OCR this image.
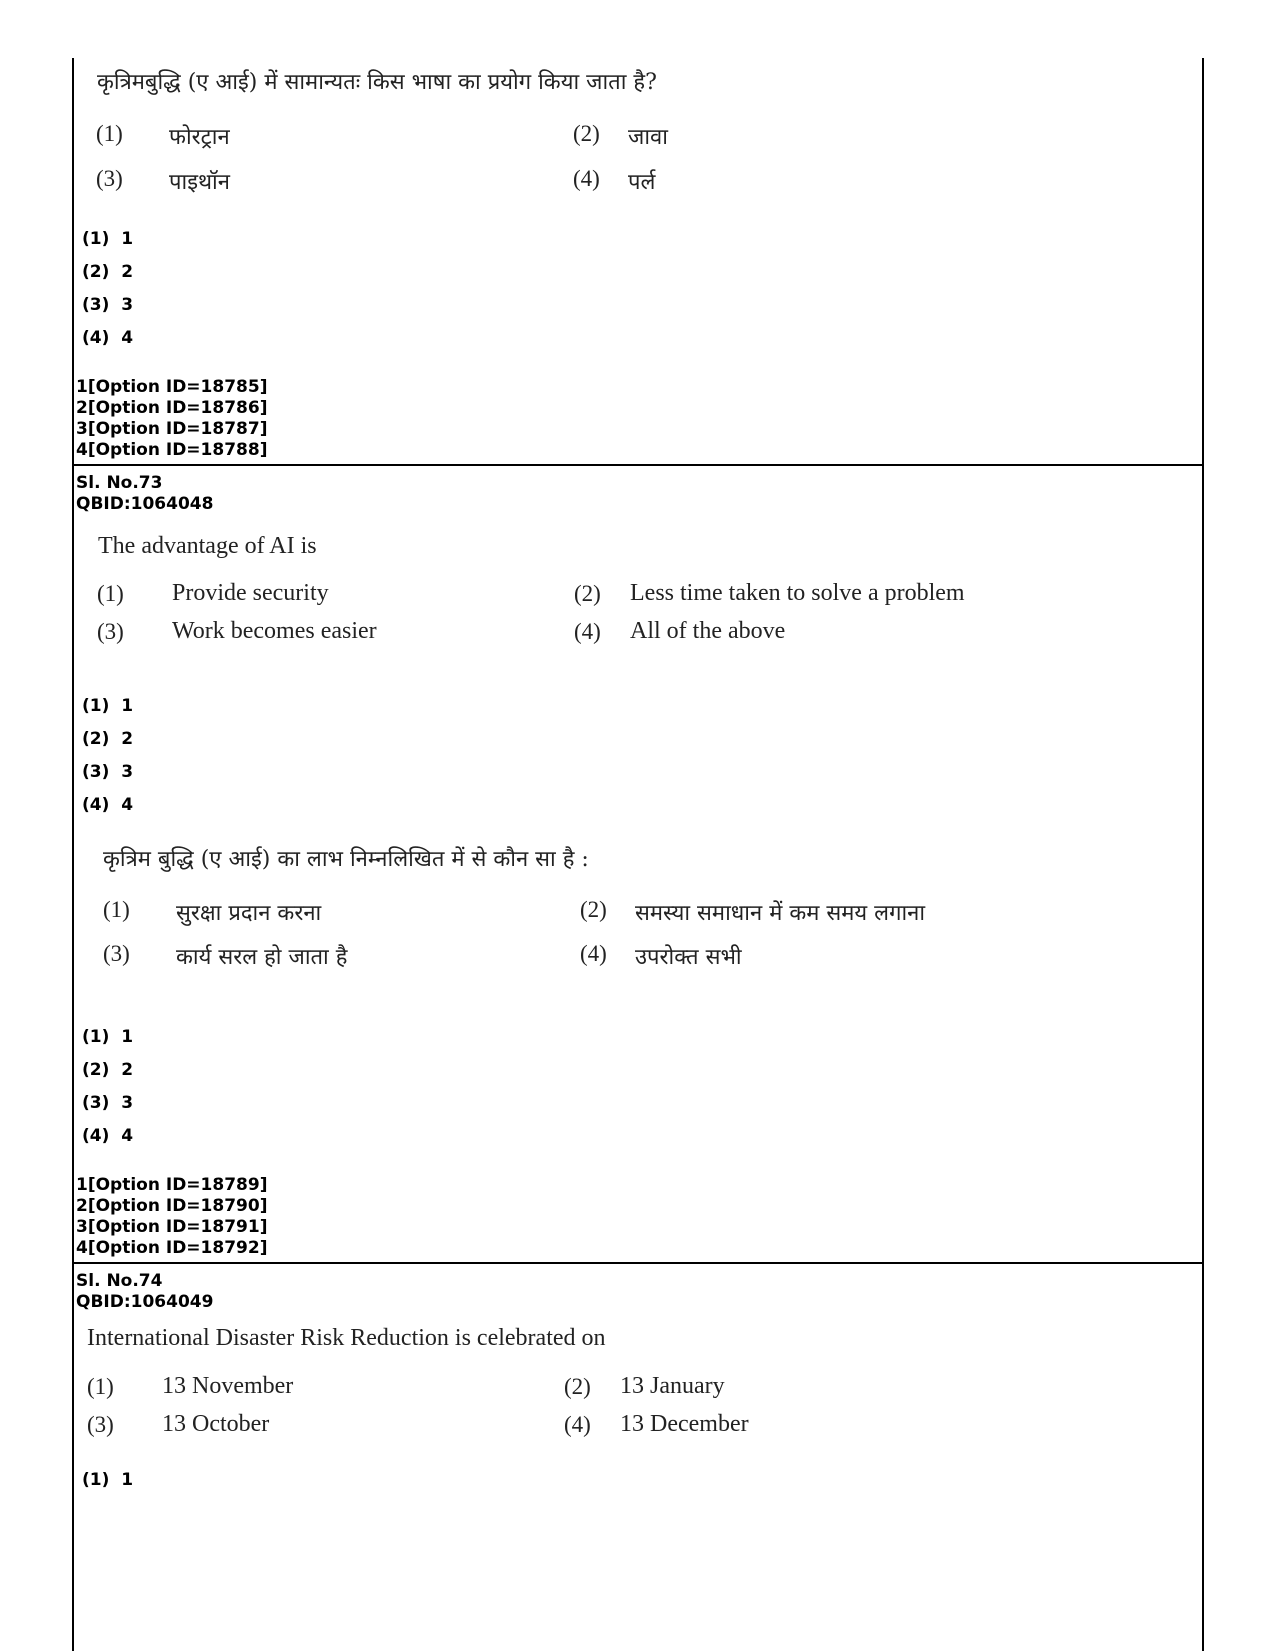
कृत्रिमबुद्धि (ए आई) में सामान्यतः किस भाषा का प्रयोग किया जाता है?
(1) फोरट्रान	(2) जावा
(3) पाइथॉन	(4) पर्ल
(1)  1
(2)  2
(3)  3
(4)  4
1[Option ID=18785]
2[Option ID=18786]
3[Option ID=18787]
4[Option ID=18788]
Sl. No.73
QBID:1064048
The advantage of AI is
(1) Provide security	(2) Less time taken to solve a problem
(3) Work becomes easier	(4) All of the above
(1)  1
(2)  2
(3)  3
(4)  4
कृत्रिम बुद्धि (ए आई) का लाभ निम्नलिखित में से कौन सा है :
(1) सुरक्षा प्रदान करना	(2) समस्या समाधान में कम समय लगाना
(3) कार्य सरल हो जाता है	(4) उपरोक्त सभी
(1)  1
(2)  2
(3)  3
(4)  4
1[Option ID=18789]
2[Option ID=18790]
3[Option ID=18791]
4[Option ID=18792]
Sl. No.74
QBID:1064049
International Disaster Risk Reduction is celebrated on
(1) 13 November	(2) 13 January
(3) 13 October	(4) 13 December
(1)  1
